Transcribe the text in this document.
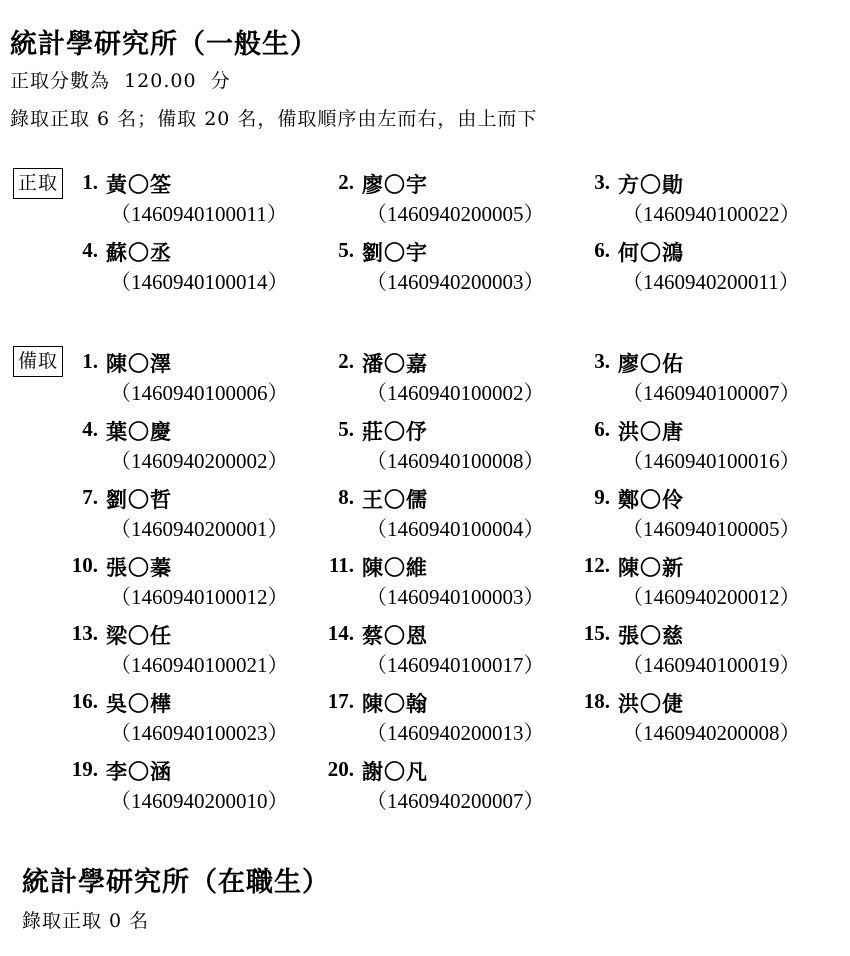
統計學研究所（一般生）
正取分數為  120.00  分
錄取正取 6 名；備取 20 名，備取順序由左而右，由上而下
正取	1. 黃〇筌
（1460940100011）
2. 廖〇宇
（1460940200005）
3. 方〇勛
（1460940100022）
4. 蘇〇丞
（1460940100014）
5. 劉〇宇
（1460940200003）
6. 何〇鴻
（1460940200011）
備取	1. 陳〇澤
（1460940100006）
2. 潘〇嘉
（1460940100002）
3. 廖〇佑
（1460940100007）
4. 葉〇慶
（1460940200002）
5. 莊〇伃
（1460940100008）
6. 洪〇唐
（1460940100016）
7. 劉〇哲
（1460940200001）
8. 王〇儒
（1460940100004）
9. 鄭〇伶
（1460940100005）
10. 張〇蓁
（1460940100012）
11. 陳〇維
（1460940100003）
12. 陳〇新
（1460940200012）
13. 梁〇任
（1460940100021）
14. 蔡〇恩
（1460940100017）
15. 張〇慈
（1460940100019）
16. 吳〇樺
（1460940100023）
17. 陳〇翰
（1460940200013）
18. 洪〇倢
（1460940200008）
19. 李〇涵
（1460940200010）
20. 謝〇凡
（1460940200007）
統計學研究所（在職生）
錄取正取 0 名
